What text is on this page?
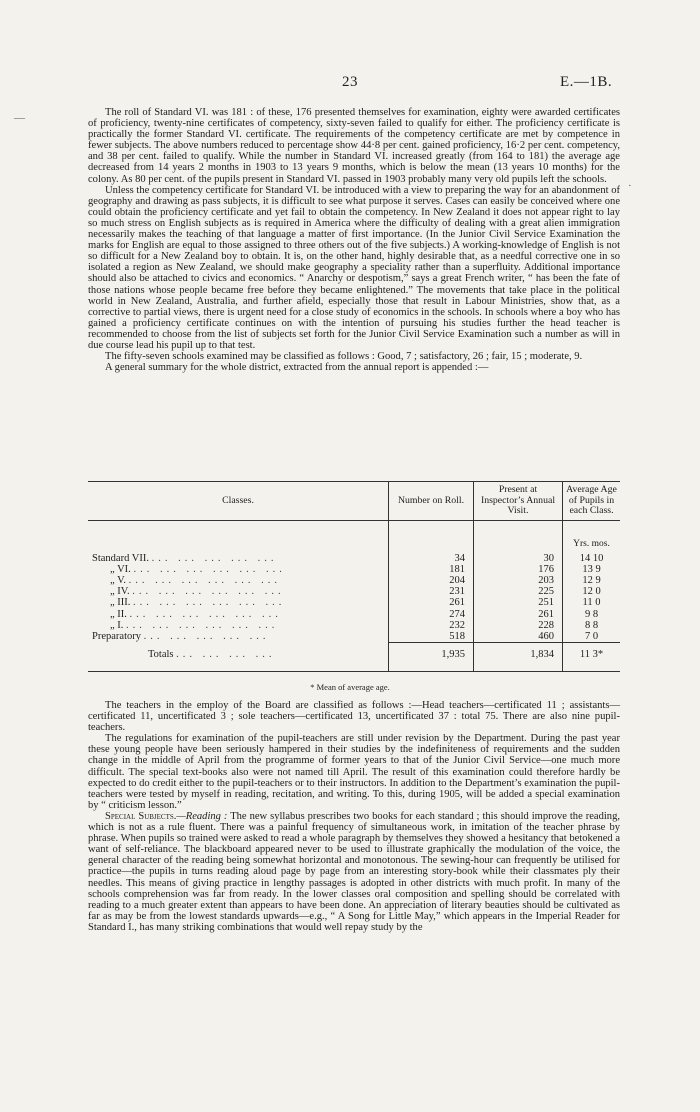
23	E.—1B.
—
·

The roll of Standard VI. was 181 : of these, 176 presented themselves for examination, eighty were awarded certificates of proficiency, twenty-nine certificates of competency, sixty-seven failed to qualify for either. The proficiency certificate is practically the former Standard VI. certificate. The requirements of the competency certificate are met by competence in fewer subjects. The above numbers reduced to percentage show 44·8 per cent. gained proficiency, 16·2 per cent. competency, and 38 per cent. failed to qualify. While the number in Standard VI. increased greatly (from 164 to 181) the average age decreased from 14 years 2 months in 1903 to 13 years 9 months, which is below the mean (13 years 10 months) for the colony. As 80 per cent. of the pupils present in Standard VI. passed in 1903 probably many very old pupils left the schools.

Unless the competency certificate for Standard VI. be introduced with a view to preparing the way for an abandonment of geography and drawing as pass subjects, it is difficult to see what purpose it serves. Cases can easily be conceived where one could obtain the proficiency certificate and yet fail to obtain the competency. In New Zealand it does not appear right to lay so much stress on English subjects as is required in America where the difficulty of dealing with a great alien immigration necessarily makes the teaching of that language a matter of first importance. (In the Junior Civil Service Examination the marks for English are equal to those assigned to three others out of the five subjects.) A working-knowledge of English is not so difficult for a New Zealand boy to obtain. It is, on the other hand, highly desirable that, as a needful corrective one in so isolated a region as New Zealand, we should make geography a speciality rather than a superfluity. Additional importance should also be attached to civics and economics. “ Anarchy or despotism,” says a great French writer, “ has been the fate of those nations whose people became free before they became enlightened.” The movements that take place in the political world in New Zealand, Australia, and further afield, especially those that result in Labour Ministries, show that, as a corrective to partial views, there is urgent need for a close study of economics in the schools. In schools where a boy who has gained a proficiency certificate continues on with the intention of pursuing his studies further the head teacher is recommended to choose from the list of subjects set forth for the Junior Civil Service Examination such a number as will in due course lead his pupil up to that test.

The fifty-seven schools examined may be classified as follows : Good, 7 ; satisfactory, 26 ; fair, 15 ; moderate, 9.

A general summary for the whole district, extracted from the annual report is appended :—

Classes.	Number on Roll.	Present at Inspector’s Annual Visit.	Average Age of Pupils in each Class.

			Yrs. mos.
Standard VII. ... ... ... ... ...	34	30	14 10
„ VI. ... ... ... ... ... ...	181	176	13 9
„ V. ... ... ... ... ... ...	204	203	12 9
„ IV. ... ... ... ... ... ...	231	225	12 0
„ III. ... ... ... ... ... ...	261	251	11 0
„ II. ... ... ... ... ... ...	274	261	9 8
„ I. ... ... ... ... ... ...	232	228	8 8
Preparatory ... ... ... ... ...	518	460	7 0
Totals ... ... ... ...	1,935	1,834	11 3*
* Mean of average age.

The teachers in the employ of the Board are classified as follows :—Head teachers—certificated 11 ; assistants—certificated 11, uncertificated 3 ; sole teachers—certificated 13, uncertificated 37 : total 75. There are also nine pupil-teachers.

The regulations for examination of the pupil-teachers are still under revision by the Department. During the past year these young people have been seriously hampered in their studies by the indefiniteness of requirements and the sudden change in the middle of April from the programme of former years to that of the Junior Civil Service—one much more difficult. The special text-books also were not named till April. The result of this examination could therefore hardly be expected to do credit either to the pupil-teachers or to their instructors. In addition to the Department’s examination the pupil-teachers were tested by myself in reading, recitation, and writing. To this, during 1905, will be added a special examination by “ criticism lesson.”

Special Subjects.—Reading : The new syllabus prescribes two books for each standard ; this should improve the reading, which is not as a rule fluent. There was a painful frequency of simultaneous work, in imitation of the teacher phrase by phrase. When pupils so trained were asked to read a whole paragraph by themselves they showed a hesitancy that betokened a want of self-reliance. The blackboard appeared never to be used to illustrate graphically the modulation of the voice, the general character of the reading being somewhat horizontal and monotonous. The sewing-hour can frequently be utilised for practice—the pupils in turns reading aloud page by page from an interesting story-book while their classmates ply their needles. This means of giving practice in lengthy passages is adopted in other districts with much profit. In many of the schools comprehension was far from ready. In the lower classes oral composition and spelling should be correlated with reading to a much greater extent than appears to have been done. An appreciation of literary beauties should be cultivated as far as may be from the lowest standards upwards—e.g., “ A Song for Little May,” which appears in the Imperial Reader for Standard I., has many striking combinations that would well repay study by the
